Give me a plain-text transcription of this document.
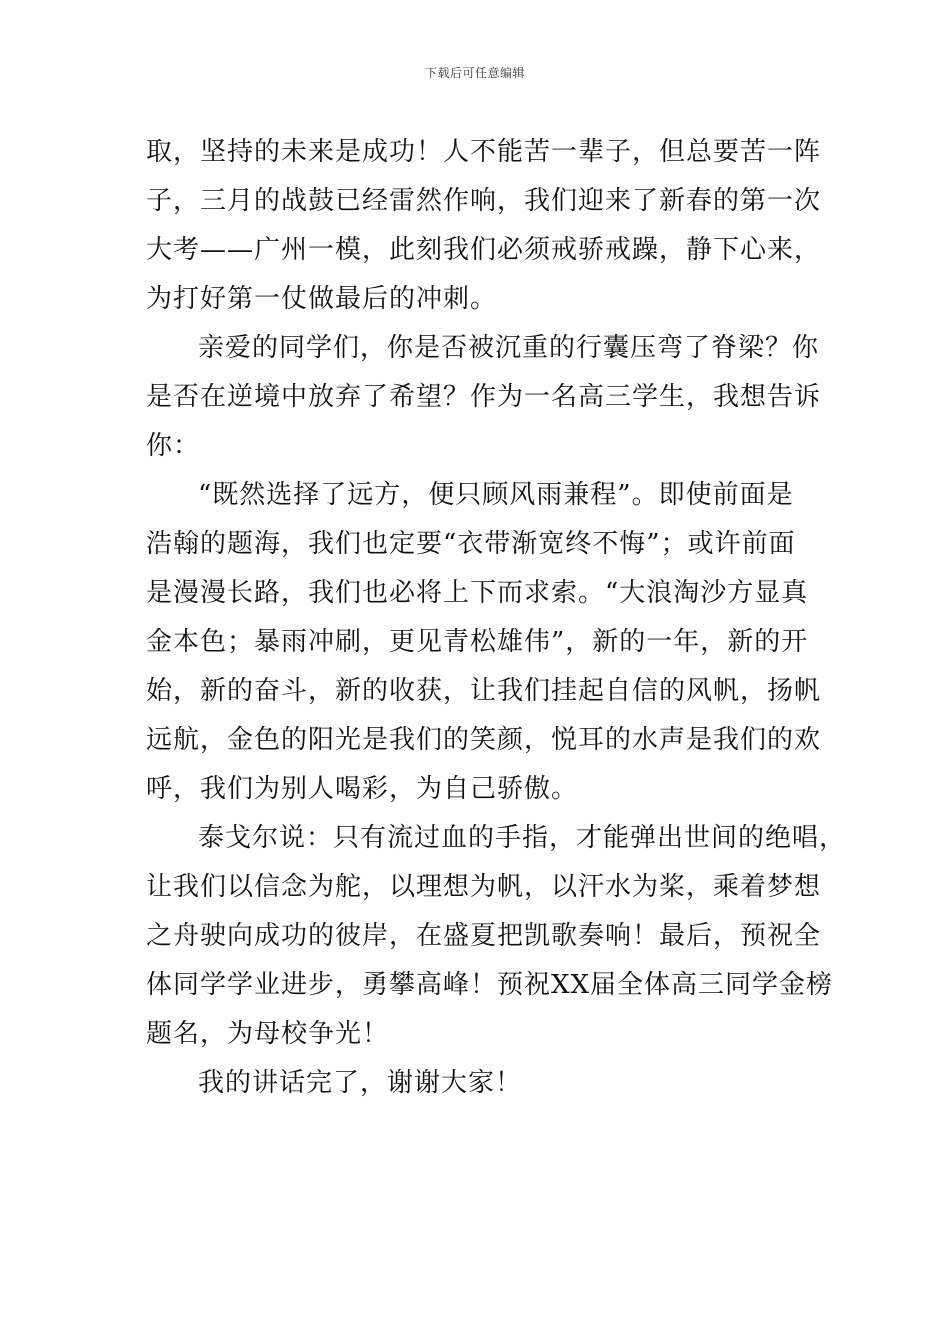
下载后可任意编辑

取，坚持的未来是成功！人不能苦一辈子，但总要苦一阵
子，三月的战鼓已经雷然作响，我们迎来了新春的第一次
大考——广州一模，此刻我们必须戒骄戒躁，静下心来，
为打好第一仗做最后的冲刺。

亲爱的同学们，你是否被沉重的行囊压弯了脊梁？你
是否在逆境中放弃了希望？作为一名高三学生，我想告诉
你：

“既然选择了远方，便只顾风雨兼程”。即使前面是
浩翰的题海，我们也定要“衣带渐宽终不悔”；或许前面
是漫漫长路，我们也必将上下而求索。“大浪淘沙方显真
金本色；暴雨冲刷，更见青松雄伟”，新的一年，新的开
始，新的奋斗，新的收获，让我们挂起自信的风帆，扬帆
远航，金色的阳光是我们的笑颜，悦耳的水声是我们的欢
呼，我们为别人喝彩，为自己骄傲。

泰戈尔说：只有流过血的手指，才能弹出世间的绝唱，
让我们以信念为舵，以理想为帆，以汗水为桨，乘着梦想
之舟驶向成功的彼岸，在盛夏把凯歌奏响！最后，预祝全
体同学学业进步，勇攀高峰！预祝XX届全体高三同学金榜
题名，为母校争光！

我的讲话完了，谢谢大家！
